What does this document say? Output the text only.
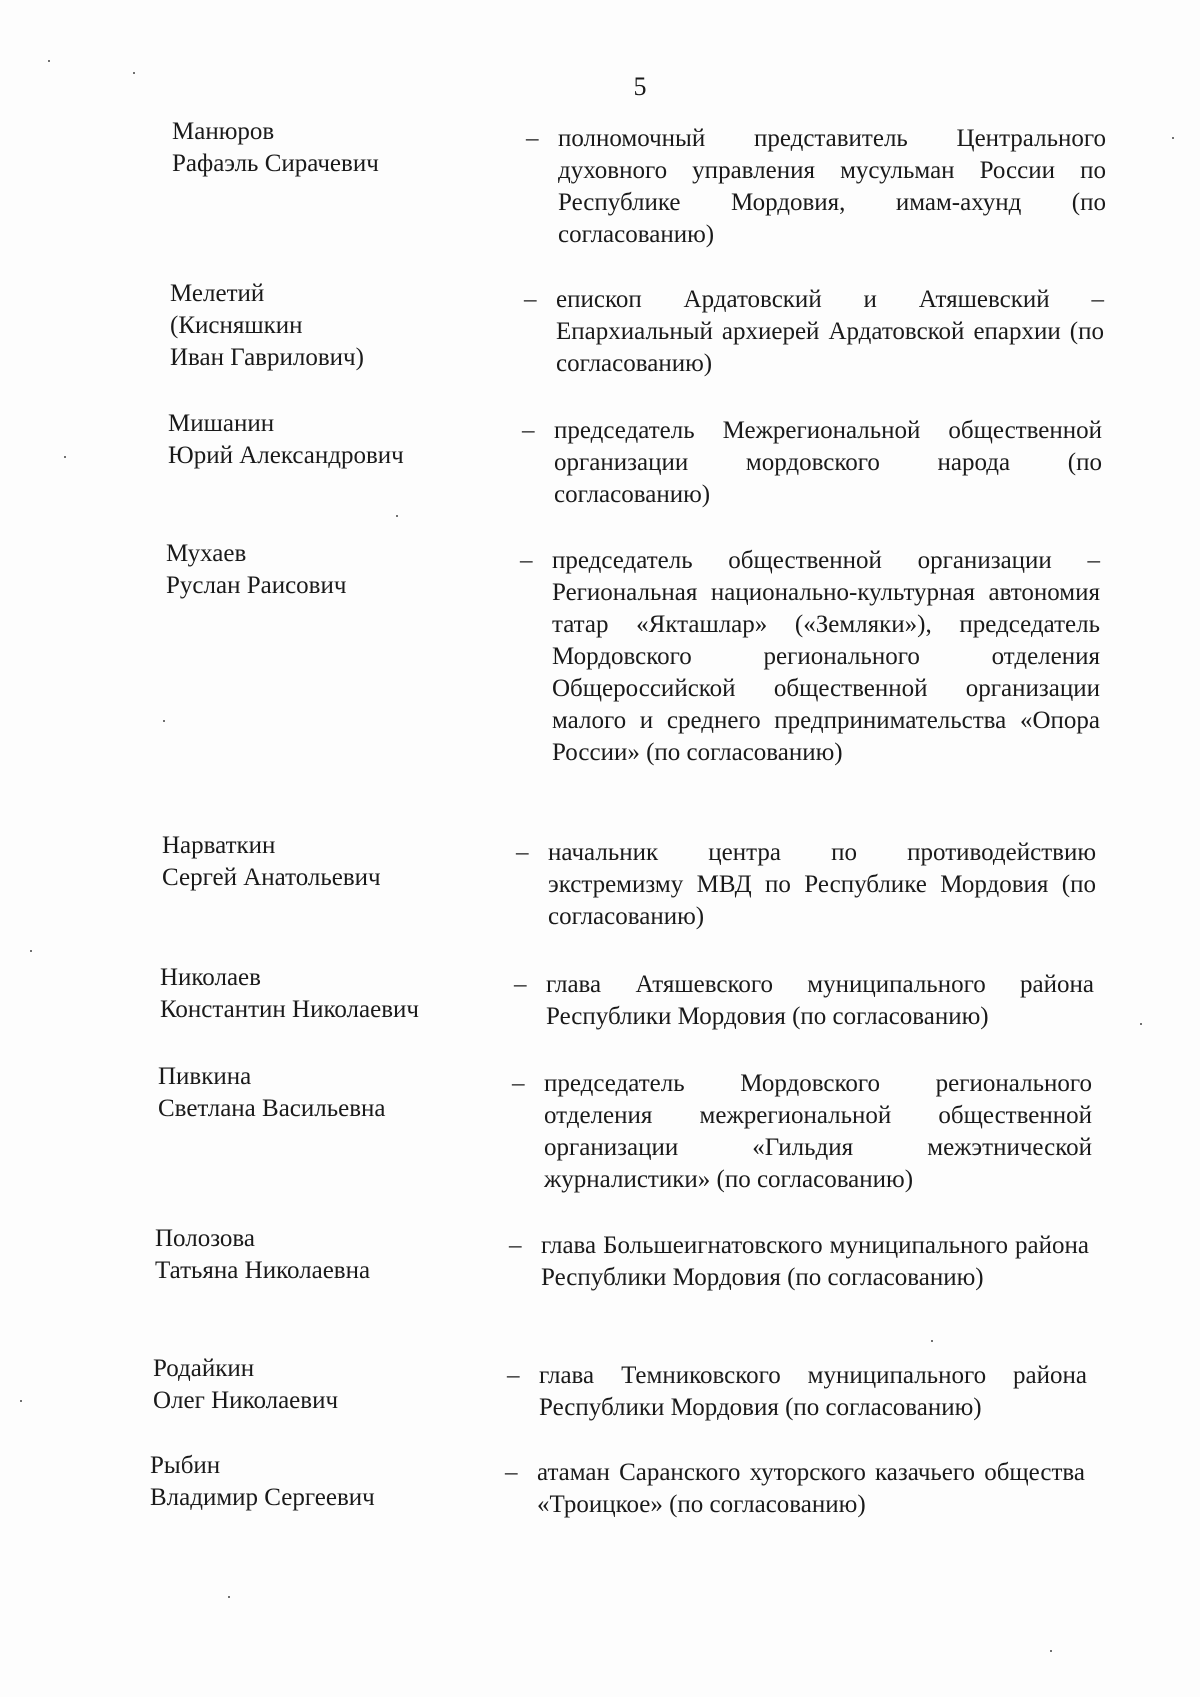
5
Манюров
Рафаэль Сирачевич
– полномочный представитель Центрального духовного управления мусульман России по Республике Мордовия, имам-ахунд (по согласованию)
Мелетий
(Кисняшкин
Иван Гаврилович)
– епископ Ардатовский и Атяшевский – Епархиальный архиерей Ардатовской епархии (по согласованию)
Мишанин
Юрий Александрович
– председатель Межрегиональной общественной организации мордовского народа (по согласованию)
Мухаев
Руслан Раисович
– председатель общественной организации – Региональная национально-культурная автономия татар «Якташлар» («Земляки»), председатель Мордовского регионального отделения Общероссийской общественной организации малого и среднего предпринимательства «Опора России» (по согласованию)
Нарваткин
Сергей Анатольевич
– начальник центра по противодействию экстремизму МВД по Республике Мордовия (по согласованию)
Николаев
Константин Николаевич
– глава Атяшевского муниципального района Республики Мордовия (по согласованию)
Пивкина
Светлана Васильевна
– председатель Мордовского регионального отделения межрегиональной общественной организации «Гильдия межэтнической журналистики» (по согласованию)
Полозова
Татьяна Николаевна
– глава Большеигнатовского муниципального района Республики Мордовия (по согласованию)
Родайкин
Олег Николаевич
– глава Темниковского муниципального района Республики Мордовия (по согласованию)
Рыбин
Владимир Сергеевич
– атаман Саранского хуторского казачьего общества «Троицкое» (по согласованию)
